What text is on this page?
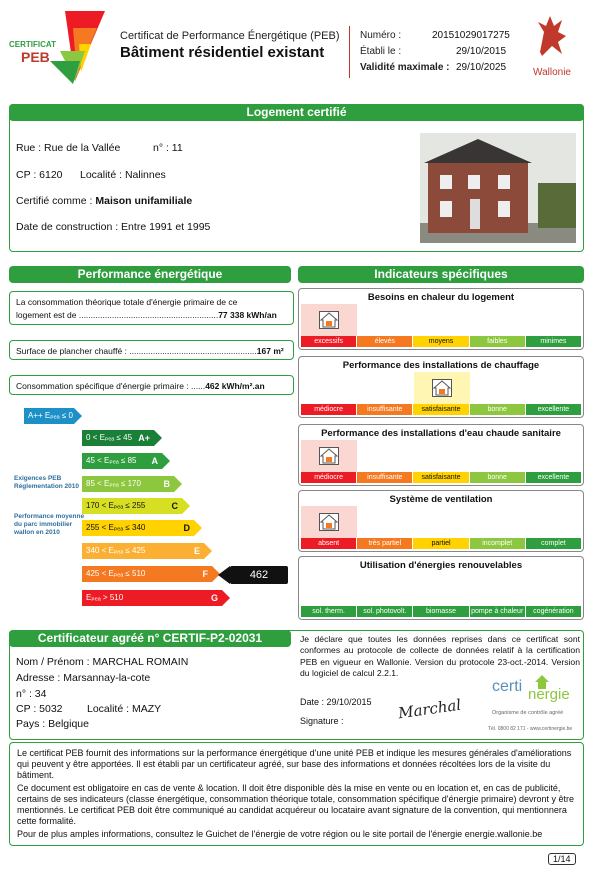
CERTIFICAT
PEB
Certificat de Performance Énergétique (PEB)
Bâtiment résidentiel existant
Numéro :	20151029017275
Établi le :	29/10/2015
Validité maximale : 29/10/2025	Wallonie
Logement certifié
Rue : Rue de la Vallée	n° : 11
CP : 6120 Localité : Nalinnes
Certifié comme : Maison unifamiliale
Date de construction : Entre 1991 et 1995
Performance énergétique
La consommation théorique totale d'énergie primaire de ce
logement est de ...........................................................77 338 kWh/an
Surface de plancher chauffé : ......................................................167 m²
Consommation spécifique d'énergie primaire : ......462 kWh/m².an
A++ Eₚₑₐ ≤ 0
0 < Eₚₑₐ ≤ 45 A+
45 < Eₚₑₐ ≤ 85 A
85 < Eₚₑₐ ≤ 170	B
170 < Eₚₑₐ ≤ 255	C
255 < Eₚₑₐ ≤ 340	D
340 < Eₚₑₐ ≤ 425	E
425 < Eₚₑₐ ≤ 510	F
Eₚₑₐ > 510	G
Exigences PEB
Réglementation 2010
Performance moyenne
du parc immobilier
wallon en 2010
462
Indicateurs spécifiques
Besoins en chaleur du logement
excessifs	élevés	moyens	faibles	minimes
Performance des installations de chauffage
médiocre	insuffisante	satisfaisante	bonne	excellente
Performance des installations d'eau chaude sanitaire
médiocre	insuffisante	satisfaisante	bonne	excellente
Système de ventilation
absent	très partiel	partiel	incomplet	complet
Utilisation d'énergies renouvelables
sol. therm.	sol. photovolt.	biomasse	pompe à chaleur	cogénération
Certificateur agréé n° CERTIF-P2-02031
Nom / Prénom : MARCHAL ROMAIN
Adresse : Marsannay-la-cote
n° : 34
CP : 5032 Localité : MAZY
Pays : Belgique
Je déclare que toutes les données reprises dans ce certificat sont conformes au protocole de collecte de données relatif à la certification PEB en vigueur en Wallonie. Version du protocole 23-oct.-2014. Version du logiciel de calcul 2.2.1.
Date : 29/10/2015
Signature :	Marchal
certi nergie
Organisme de contrôle agréé
Tél. 0800 82 171 - www.certinergie.be
Le certificat PEB fournit des informations sur la performance énergétique d'une unité PEB et indique les mesures générales d'améliorations qui peuvent y être apportées. Il est établi par un certificateur agréé, sur base des informations et données récoltées lors de la visite du bâtiment.
Ce document est obligatoire en cas de vente & location. Il doit être disponible dès la mise en vente ou en location et, en cas de publicité, certains de ses indicateurs (classe énergétique, consommation théorique totale, consommation spécifique d'énergie primaire) devront y être mentionnés. Le certificat PEB doit être communiqué au candidat acquéreur ou locataire avant signature de la convention, qui mentionnera cette formalité.
Pour de plus amples informations, consultez le Guichet de l'énergie de votre région ou le site portail de l'énergie energie.wallonie.be
1/14
